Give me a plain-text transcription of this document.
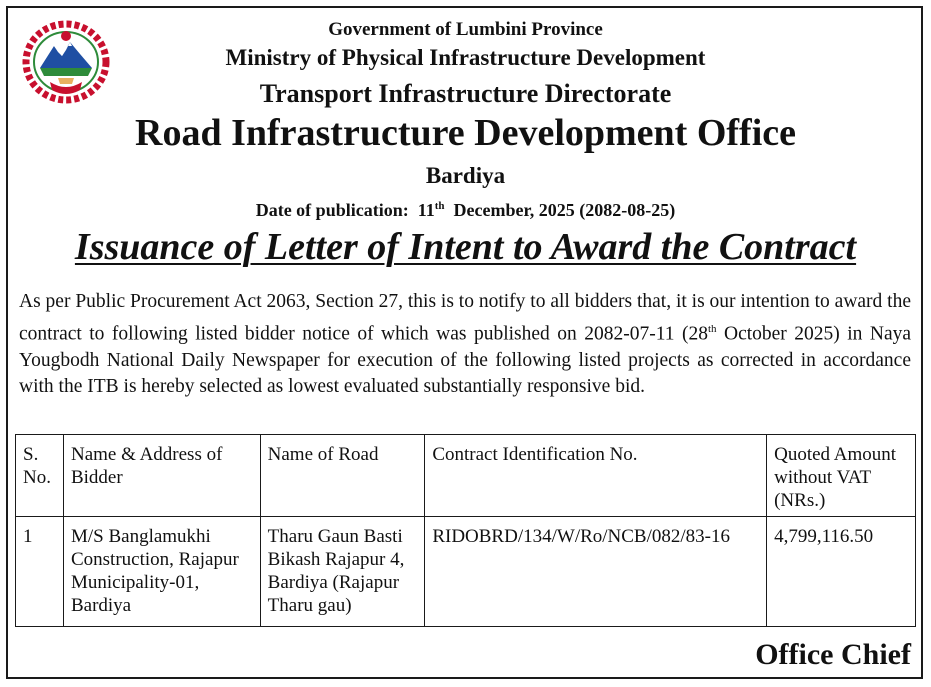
Government of Lumbini Province
Ministry of Physical Infrastructure Development
Transport Infrastructure Directorate
Road Infrastructure Development Office
Bardiya
Date of publication: 11th December, 2025 (2082-08-25)
Issuance of Letter of Intent to Award the Contract

As per Public Procurement Act 2063, Section 27, this is to notify to all bidders that, it is our intention to award the contract to following listed bidder notice of which was published on 2082-07-11 (28th October 2025) in Naya Yougbodh National Daily Newspaper for execution of the following listed projects as corrected in accordance with the ITB is hereby selected as lowest evaluated substantially responsive bid.

S. No.	Name & Address of Bidder	Name of Road	Contract Identification No.	Quoted Amount without VAT (NRs.)
1	M/S Banglamukhi Construction, Rajapur Municipality-01, Bardiya	Tharu Gaun Basti Bikash Rajapur 4, Bardiya (Rajapur Tharu gau)	RIDOBRD/134/W/Ro/NCB/082/83-16	4,799,116.50
Office Chief
